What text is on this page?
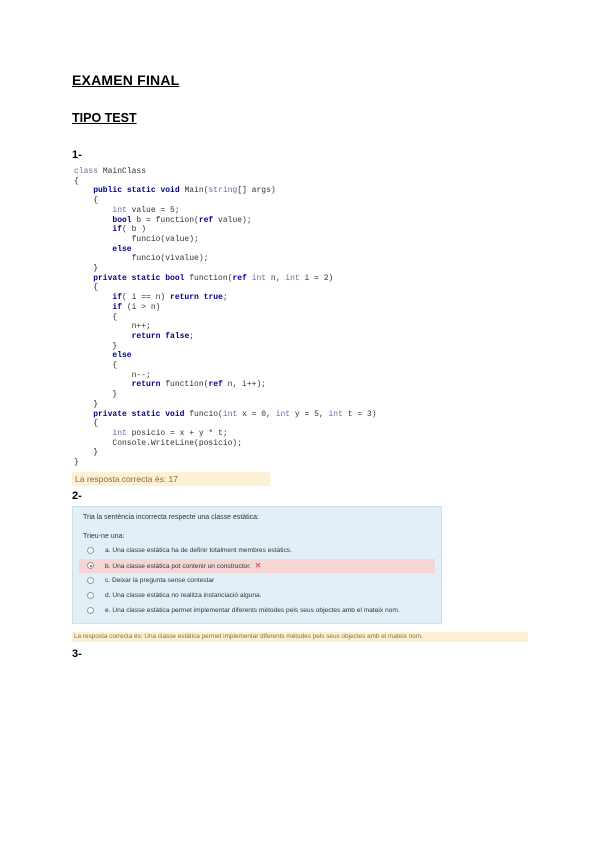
EXAMEN FINAL
TIPO TEST
1-
class MainClass
{
public static void Main(string[] args)
{
int value = 5;
bool b = function(ref value);
if( b )
funcio(value);
else
funcio(vivalue);
}
private static bool function(ref int n, int i = 2)
{
if( i == n) return true;
if (i > n)
{
n++;
return false;
}
else
{
n--;
return function(ref n, i++);
}
}
private static void funcio(int x = 0, int y = 5, int t = 3)
{
int posicio = x + y * t;
Console.WriteLine(posicio);
}
}
La resposta correcta és: 17
2-
Tria la sentència incorrecta respecte una classe estàtica:
Trieu-ne una:
a. Una classe estàtica ha de definir totalment membres estàtics.
b. Una classe estàtica pot contenir un constructor. ✕
c. Deixar la pregunta sense contestar
d. Una classe estàtica no realitza instanciació alguna.
e. Una classe estàtica permet implementar diferents mètodes pels seus objectes amb el mateix nom.
La resposta correcta és: Una classe estàtica permet implementar diferents mètodes pels seus objectes amb el mateix nom.
3-
